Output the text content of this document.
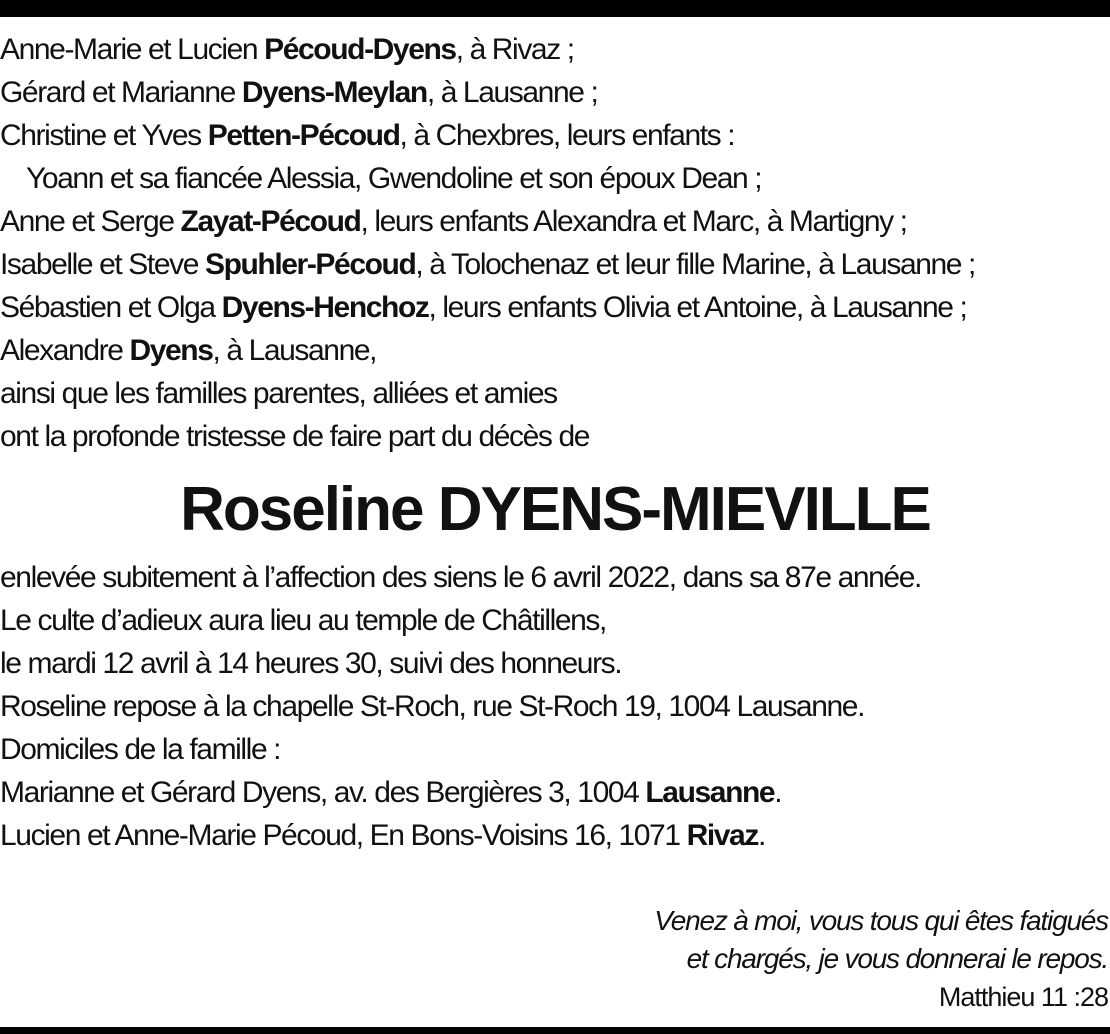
Anne-Marie et Lucien Pécoud-Dyens, à Rivaz ;
Gérard et Marianne Dyens-Meylan, à Lausanne ;
Christine et Yves Petten-Pécoud, à Chexbres, leurs enfants :
Yoann et sa fiancée Alessia, Gwendoline et son époux Dean ;
Anne et Serge Zayat-Pécoud, leurs enfants Alexandra et Marc, à Martigny ;
Isabelle et Steve Spuhler-Pécoud, à Tolochenaz et leur fille Marine, à Lausanne ;
Sébastien et Olga Dyens-Henchoz, leurs enfants Olivia et Antoine, à Lausanne ;
Alexandre Dyens, à Lausanne,
ainsi que les familles parentes, alliées et amies
ont la profonde tristesse de faire part du décès de
Roseline DYENS-MIEVILLE
enlevée subitement à l’affection des siens le 6 avril 2022, dans sa 87e année.
Le culte d’adieux aura lieu au temple de Châtillens,
le mardi 12 avril à 14 heures 30, suivi des honneurs.
Roseline repose à la chapelle St-Roch, rue St-Roch 19, 1004 Lausanne.
Domiciles de la famille :
Marianne et Gérard Dyens, av. des Bergières 3, 1004 Lausanne.
Lucien et Anne-Marie Pécoud, En Bons-Voisins 16, 1071 Rivaz.
Venez à moi, vous tous qui êtes fatigués
et chargés, je vous donnerai le repos.
Matthieu 11 :28
